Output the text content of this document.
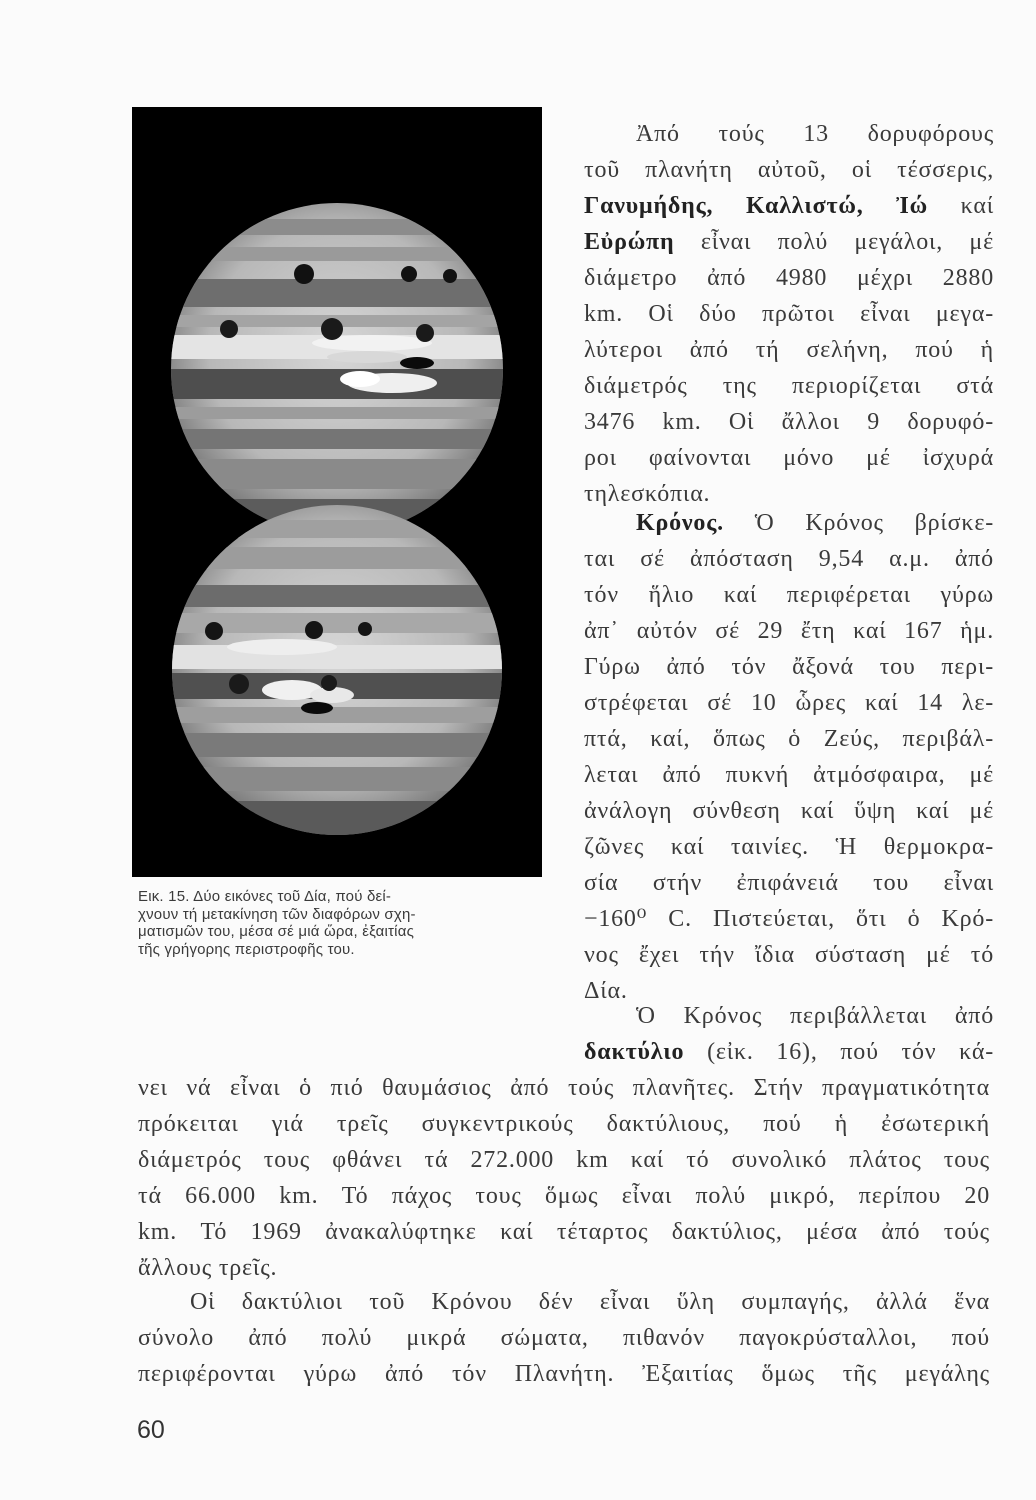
Εικ. 15. Δύο εικόνες τοῦ Δία, πού δεί-
χνουν τή μετακίνηση τῶν διαφόρων σχη-
ματισμῶν του, μέσα σέ μιά ὥρα, ἐξαιτίας
τῆς γρήγορης περιστροφῆς του.
Ἀπό τούς 13 δορυφόρους
τοῦ πλανήτη αὐτοῦ, οἱ τέσσερις,
Γανυμήδης, Καλλιστώ, Ἰώ καί
Εὐρώπη εἶναι πολύ μεγάλοι, μέ
διάμετρο ἀπό 4980 μέχρι 2880
km. Οἱ δύο πρῶτοι εἶναι μεγα-
λύτεροι ἀπό τή σελήνη, πού ἡ
διάμετρός της περιορίζεται στά
3476 km. Οἱ ἄλλοι 9 δορυφό-
ροι φαίνονται μόνο μέ ἰσχυρά
τηλεσκόπια.
Κρόνος. Ὁ Κρόνος βρίσκε-
ται σέ ἀπόσταση 9,54 α.μ. ἀπό
τόν ἥλιο καί περιφέρεται γύρω
ἀπ᾽ αὐτόν σέ 29 ἔτη καί 167 ἡμ.
Γύρω ἀπό τόν ἄξονά του περι-
στρέφεται σέ 10 ὧρες καί 14 λε-
πτά, καί, ὅπως ὁ Ζεύς, περιβάλ-
λεται ἀπό πυκνή ἀτμόσφαιρα, μέ
ἀνάλογη σύνθεση καί ὕψη καί μέ
ζῶνες καί ταινίες. Ἡ θερμοκρα-
σία στήν ἐπιφάνειά του εἶναι
−160⁰ C. Πιστεύεται, ὅτι ὁ Κρό-
νος ἔχει τήν ἴδια σύσταση μέ τό
Δία.
Ὁ Κρόνος περιβάλλεται ἀπό
δακτύλιο (εἰκ. 16), πού τόν κά-
νει νά εἶναι ὁ πιό θαυμάσιος ἀπό τούς πλανῆτες. Στήν πραγματικότητα
πρόκειται γιά τρεῖς συγκεντρικούς δακτύλιους, πού ἡ ἐσωτερική
διάμετρός τους φθάνει τά 272.000 km καί τό συνολικό πλάτος τους
τά 66.000 km. Τό πάχος τους ὅμως εἶναι πολύ μικρό, περίπου 20
km. Τό 1969 ἀνακαλύφτηκε καί τέταρτος δακτύλιος, μέσα ἀπό τούς
ἄλλους τρεῖς.
Οἱ δακτύλιοι τοῦ Κρόνου δέν εἶναι ὕλη συμπαγής, ἀλλά ἕνα
σύνολο ἀπό πολύ μικρά σώματα, πιθανόν παγοκρύσταλλοι, πού
περιφέρονται γύρω ἀπό τόν Πλανήτη. Ἐξαιτίας ὅμως τῆς μεγάλης
60
